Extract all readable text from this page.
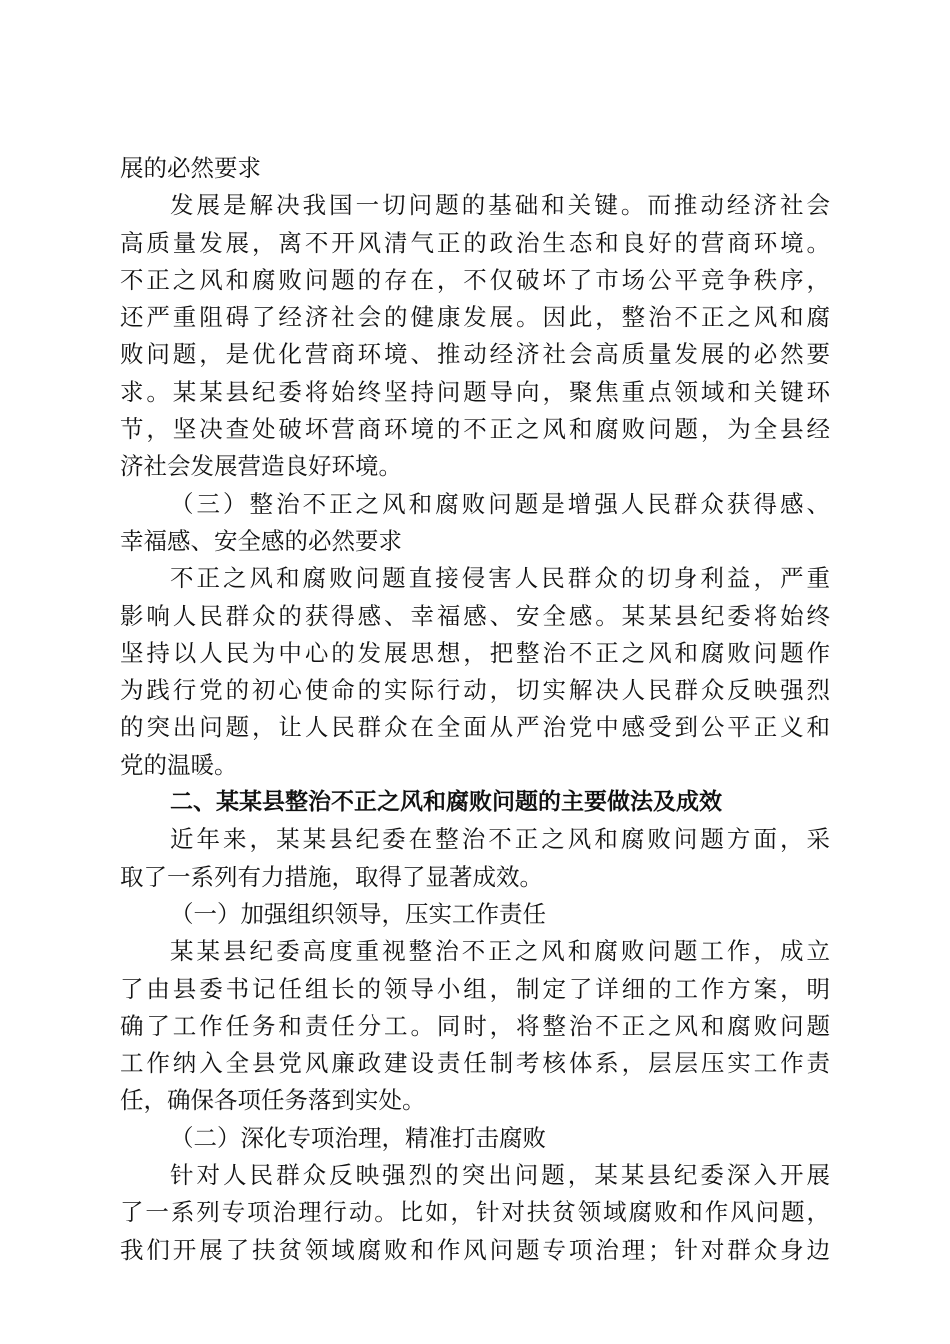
展的必然要求
发展是解决我国一切问题的基础和关键。而推动经济社会
高质量发展，离不开风清气正的政治生态和良好的营商环境。
不正之风和腐败问题的存在，不仅破坏了市场公平竞争秩序，
还严重阻碍了经济社会的健康发展。因此，整治不正之风和腐
败问题，是优化营商环境、推动经济社会高质量发展的必然要
求。某某县纪委将始终坚持问题导向，聚焦重点领域和关键环
节，坚决查处破坏营商环境的不正之风和腐败问题，为全县经
济社会发展营造良好环境。
（三）整治不正之风和腐败问题是增强人民群众获得感、
幸福感、安全感的必然要求
不正之风和腐败问题直接侵害人民群众的切身利益，严重
影响人民群众的获得感、幸福感、安全感。某某县纪委将始终
坚持以人民为中心的发展思想，把整治不正之风和腐败问题作
为践行党的初心使命的实际行动，切实解决人民群众反映强烈
的突出问题，让人民群众在全面从严治党中感受到公平正义和
党的温暖。
二、某某县整治不正之风和腐败问题的主要做法及成效
近年来，某某县纪委在整治不正之风和腐败问题方面，采
取了一系列有力措施，取得了显著成效。
（一）加强组织领导，压实工作责任
某某县纪委高度重视整治不正之风和腐败问题工作，成立
了由县委书记任组长的领导小组，制定了详细的工作方案，明
确了工作任务和责任分工。同时，将整治不正之风和腐败问题
工作纳入全县党风廉政建设责任制考核体系，层层压实工作责
任，确保各项任务落到实处。
（二）深化专项治理，精准打击腐败
针对人民群众反映强烈的突出问题，某某县纪委深入开展
了一系列专项治理行动。比如，针对扶贫领域腐败和作风问题，
我们开展了扶贫领域腐败和作风问题专项治理；针对群众身边
